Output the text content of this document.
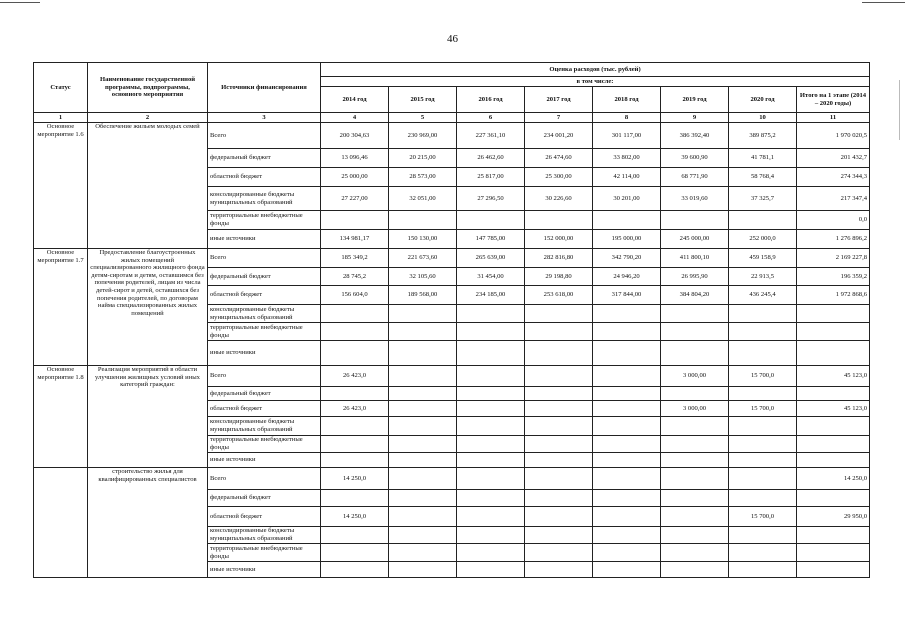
46
Статус	Наименование государственной программы, подпрограммы, основного мероприятия	Источники финансирования	Оценка расходов (тыс. рублей)							
			в том числе:							
			2014 год	2015 год	2016 год	2017 год	2018 год	2019 год	2020 год	Итого на 1 этапе (2014 – 2020 годы)
1	2	3	4	5	6	7	8	9	10	11
Основное мероприятие 1.6	Обеспечение жильем молодых семей	Всего	200 304,63	230 969,00	227 361,10	234 001,20	301 117,00	386 392,40	389 875,2	1 970 020,5
		федеральный бюджет	13 096,46	20 215,00	26 462,60	26 474,60	33 802,00	39 600,90	41 781,1	201 432,7
		областной бюджет	25 000,00	28 573,00	25 817,00	25 300,00	42 114,00	68 771,90	58 768,4	274 344,3
		консолидированные бюджеты муниципальных образований	27 227,00	32 051,00	27 296,50	30 226,60	30 201,00	33 019,60	37 325,7	217 347,4
		территориальные внебюджетные фонды								0,0
		иные источники	134 981,17	150 130,00	147 785,00	152 000,00	195 000,00	245 000,00	252 000,0	1 276 896,2
Основное мероприятие 1.7	Предоставление благоустроенных жилых помещений специализированного жилищного фонда детям-сиротам и детям, оставшимся без попечения родителей, лицам из числа детей-сирот и детей, оставшихся без попечения родителей, по договорам найма специализированных жилых помещений	Всего	185 349,2	221 673,60	265 639,00	282 816,80	342 790,20	411 800,10	459 158,9	2 169 227,8
		федеральный бюджет	28 745,2	32 105,60	31 454,00	29 198,80	24 946,20	26 995,90	22 913,5	196 359,2
		областной бюджет	156 604,0	189 568,00	234 185,00	253 618,00	317 844,00	384 804,20	436 245,4	1 972 868,6
		консолидированные бюджеты муниципальных образований								
		территориальные внебюджетные фонды								
		иные источники								
Основное мероприятие 1.8	Реализация мероприятий в области улучшения жилищных условий иных категорий граждан:	Всего	26 423,0					3 000,00	15 700,0	45 123,0
		федеральный бюджет								
		областной бюджет	26 423,0					3 000,00	15 700,0	45 123,0
		консолидированные бюджеты муниципальных образований								
		территориальные внебюджетные фонды								
		иные источники								
	строительство жилья для квалифицированных специалистов	Всего	14 250,0							14 250,0
		федеральный бюджет								
		областной бюджет	14 250,0						15 700,0	29 950,0
		консолидированные бюджеты муниципальных образований								
		территориальные внебюджетные фонды								
		иные источники								
